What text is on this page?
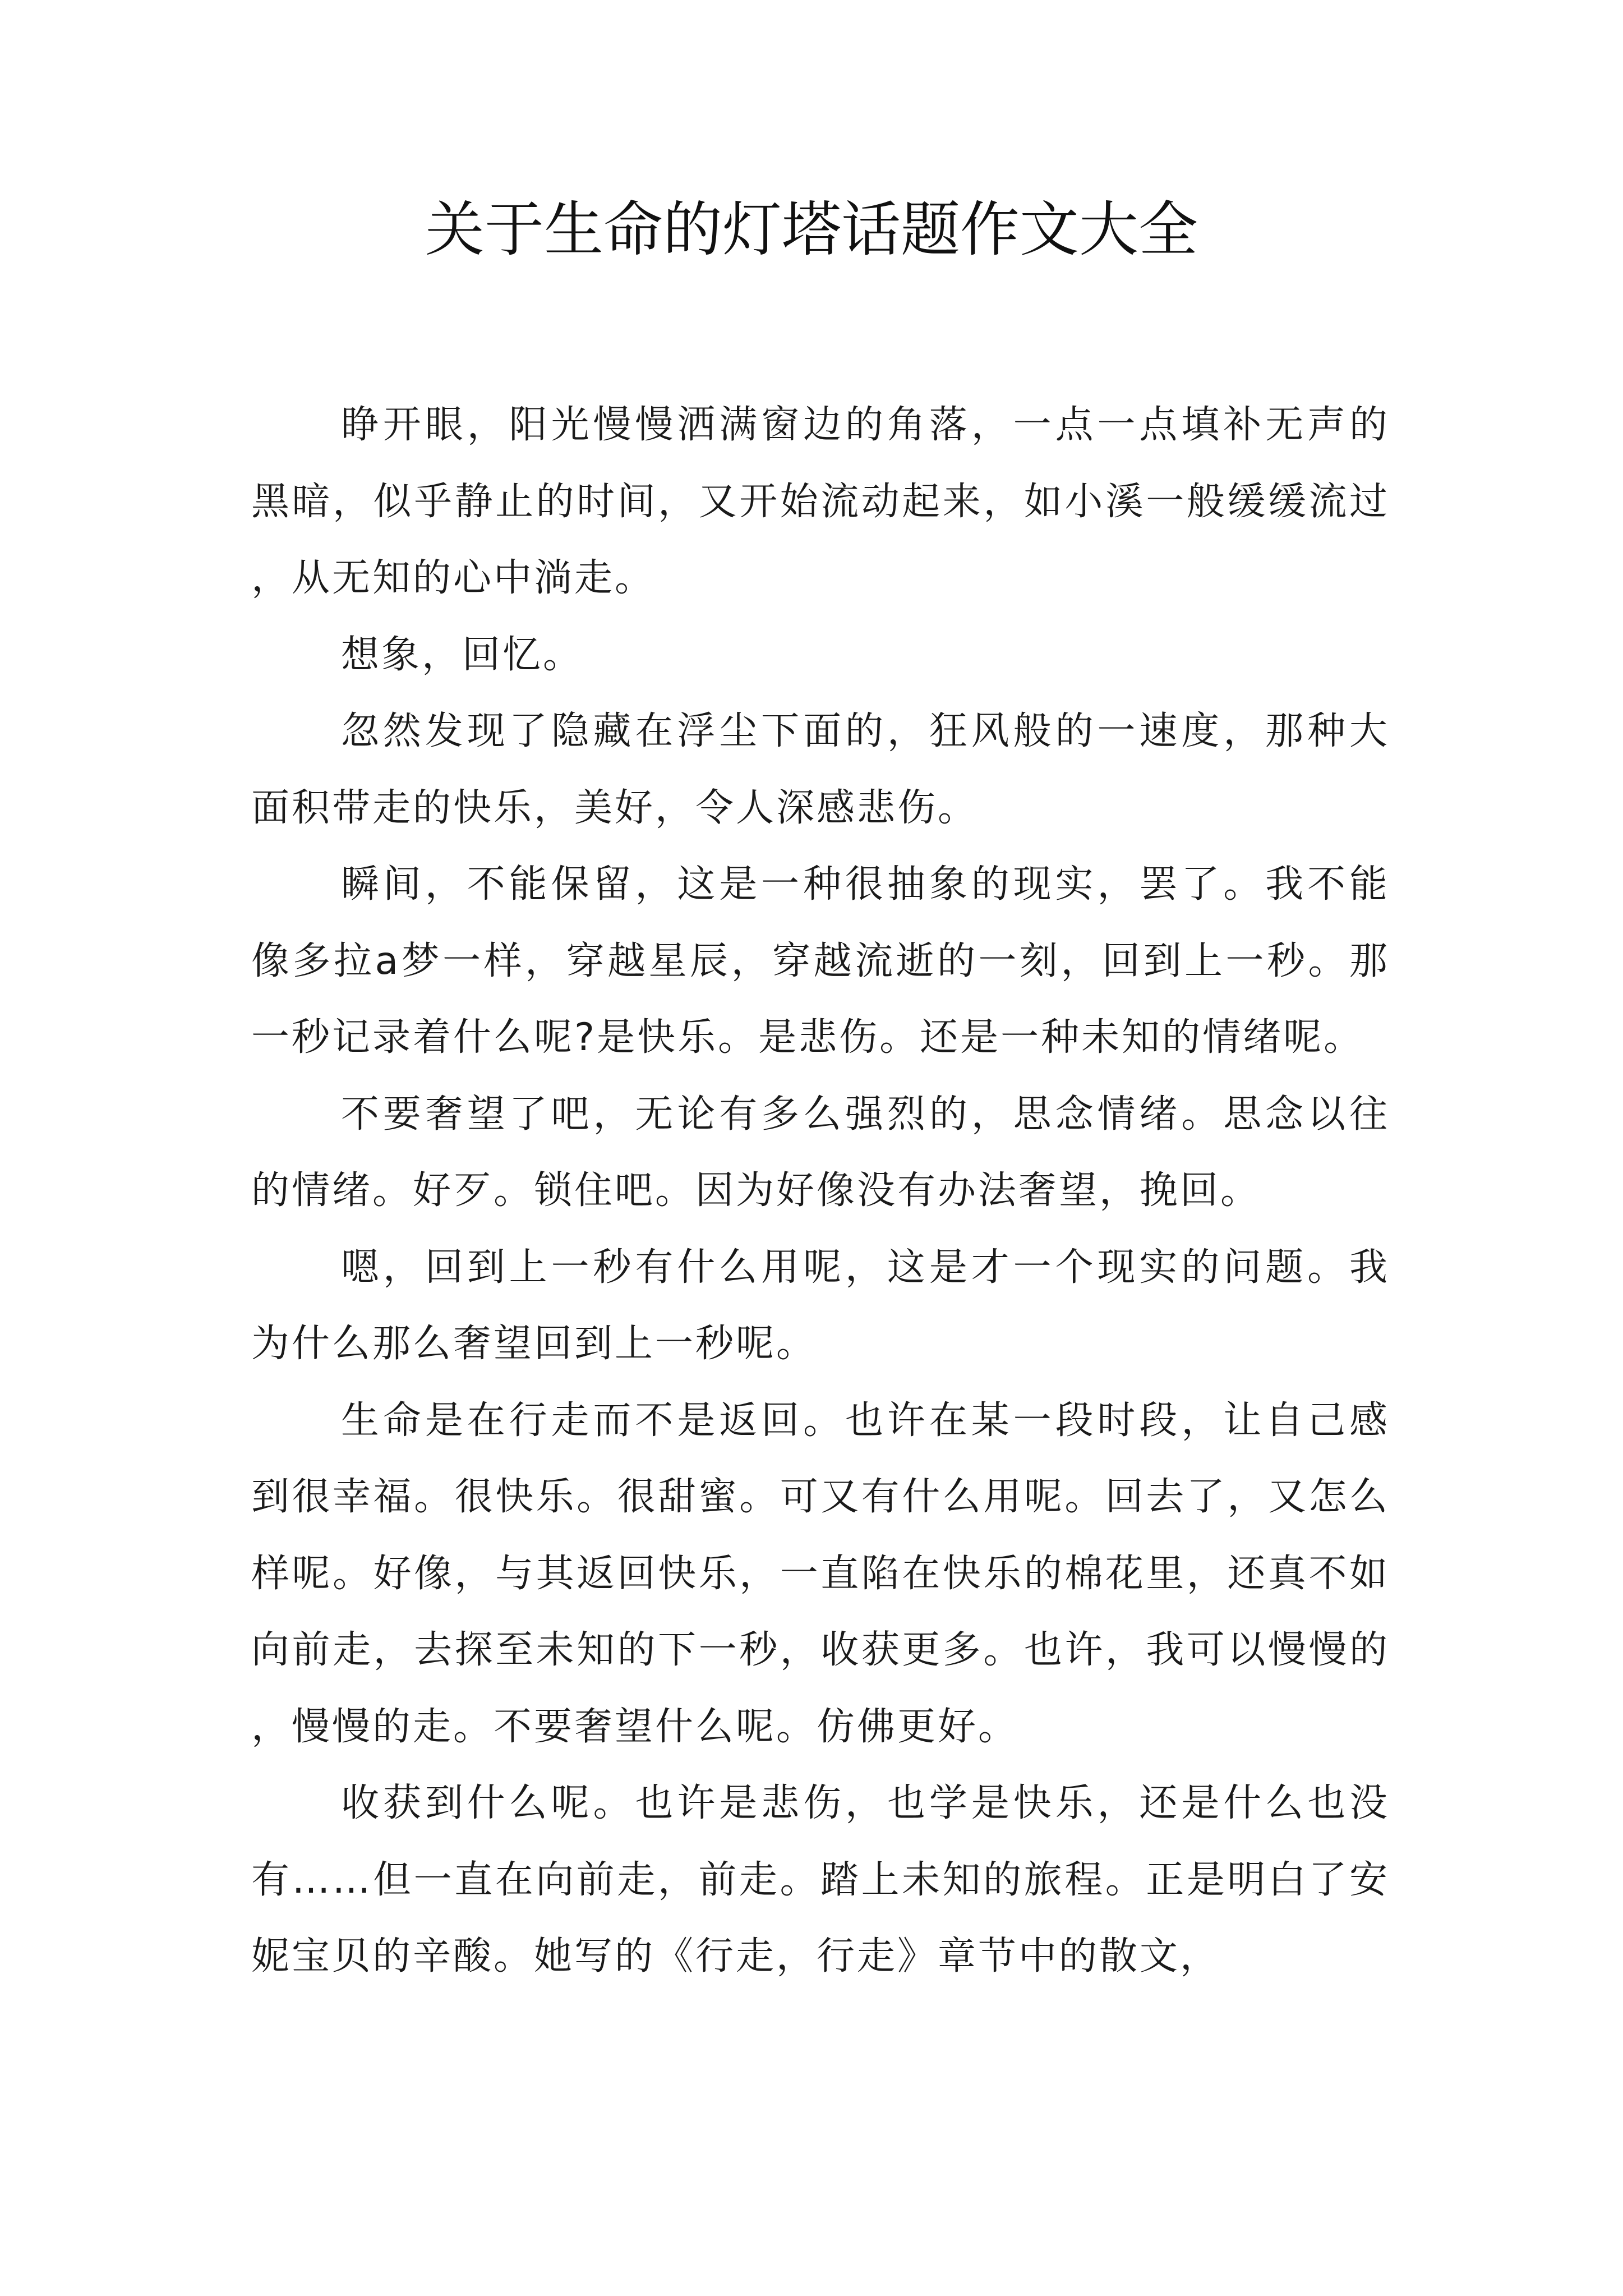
关于生命的灯塔话题作文大全

睁开眼，阳光慢慢洒满窗边的角落，一点一点填补无声的黑暗，似乎静止的时间，又开始流动起来，如小溪一般缓缓流过，从无知的心中淌走。

想象，回忆。

忽然发现了隐藏在浮尘下面的，狂风般的一速度，那种大面积带走的快乐，美好，令人深感悲伤。

瞬间，不能保留，这是一种很抽象的现实，罢了。我不能像多拉a梦一样，穿越星辰，穿越流逝的一刻，回到上一秒。那一秒记录着什么呢?是快乐。是悲伤。还是一种未知的情绪呢。

不要奢望了吧，无论有多么强烈的，思念情绪。思念以往的情绪。好歹。锁住吧。因为好像没有办法奢望，挽回。

嗯，回到上一秒有什么用呢，这是才一个现实的问题。我为什么那么奢望回到上一秒呢。

生命是在行走而不是返回。也许在某一段时段，让自己感到很幸福。很快乐。很甜蜜。可又有什么用呢。回去了，又怎么样呢。好像，与其返回快乐，一直陷在快乐的棉花里，还真不如向前走，去探至未知的下一秒，收获更多。也许，我可以慢慢的，慢慢的走。不要奢望什么呢。仿佛更好。

收获到什么呢。也许是悲伤，也学是快乐，还是什么也没有……但一直在向前走，前走。踏上未知的旅程。正是明白了安妮宝贝的辛酸。她写的《行走，行走》章节中的散文，
